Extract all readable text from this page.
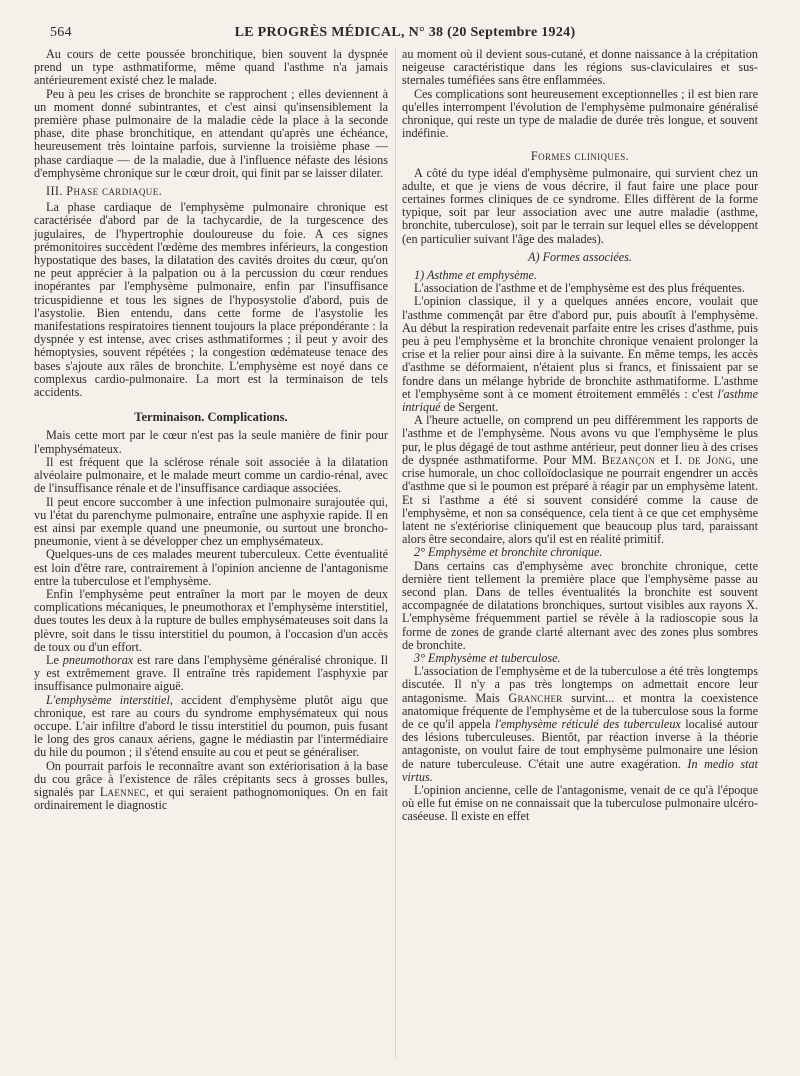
564	LE PROGRÈS MÉDICAL, N° 38 (20 Septembre 1924)

Au cours de cette poussée bronchitique, bien souvent la dyspnée prend un type asthmatiforme, même quand l'asthme n'a jamais antérieurement existé chez le malade.

Peu à peu les crises de bronchite se rapprochent ; elles deviennent à un moment donné subintrantes, et c'est ainsi qu'insensiblement la première phase pulmonaire de la maladie cède la place à la seconde phase, dite phase bronchitique, en attendant qu'après une échéance, heureusement très lointaine parfois, survienne la troisième phase — phase cardiaque — de la maladie, due à l'influence néfaste des lésions d'emphysème chronique sur le cœur droit, qui finit par se laisser dilater.

III. Phase cardiaque.

La phase cardiaque de l'emphysème pulmonaire chronique est caractérisée d'abord par de la tachycardie, de la turgescence des jugulaires, de l'hypertrophie douloureuse du foie. A ces signes prémonitoires succèdent l'œdème des membres inférieurs, la congestion hypostatique des bases, la dilatation des cavités droites du cœur, qu'on ne peut apprécier à la palpation ou à la percussion du cœur rendues inopérantes par l'emphysème pulmonaire, enfin par l'insuffisance tricuspidienne et tous les signes de l'hyposystolie d'abord, puis de l'asystolie. Bien entendu, dans cette forme de l'asystolie les manifestations respiratoires tiennent toujours la place prépondérante : la dyspnée y est intense, avec crises asthmatiformes ; il peut y avoir des hémoptysies, souvent répétées ; la congestion œdémateuse tenace des bases s'ajoute aux râles de bronchite. L'emphysème est noyé dans ce complexus cardio-pulmonaire. La mort est la terminaison de tels accidents.

Terminaison. Complications.

Mais cette mort par le cœur n'est pas la seule manière de finir pour l'emphysémateux.

Il est fréquent que la sclérose rénale soit associée à la dilatation alvéolaire pulmonaire, et le malade meurt comme un cardio-rénal, avec de l'insuffisance rénale et de l'insuffisance cardiaque associées.

Il peut encore succomber à une infection pulmonaire surajoutée qui, vu l'état du parenchyme pulmonaire, entraîne une asphyxie rapide. Il en est ainsi par exemple quand une pneumonie, ou surtout une broncho-pneumonie, vient à se développer chez un emphysémateux.

Quelques-uns de ces malades meurent tuberculeux. Cette éventualité est loin d'être rare, contrairement à l'opinion ancienne de l'antagonisme entre la tuberculose et l'emphysème.

Enfin l'emphysème peut entraîner la mort par le moyen de deux complications mécaniques, le pneumothorax et l'emphysème interstitiel, dues toutes les deux à la rupture de bulles emphysémateuses soit dans la plèvre, soit dans le tissu interstitiel du poumon, à l'occasion d'un accès de toux ou d'un effort.

Le pneumothorax est rare dans l'emphysème généralisé chronique. Il y est extrêmement grave. Il entraîne très rapidement l'asphyxie par insuffisance pulmonaire aiguë.

L'emphysème interstitiel, accident d'emphysème plutôt aigu que chronique, est rare au cours du syndrome emphysémateux qui nous occupe. L'air infiltre d'abord le tissu interstitiel du poumon, puis fusant le long des gros canaux aériens, gagne le médiastin par l'intermédiaire du hile du poumon ; il s'étend ensuite au cou et peut se généraliser.

On pourrait parfois le reconnaître avant son extériorisation à la base du cou grâce à l'existence de râles crépitants secs à grosses bulles, signalés par Laennec, et qui seraient pathognomoniques. On en fait ordinairement le diagnostic

au moment où il devient sous-cutané, et donne naissance à la crépitation neigeuse caractéristique dans les régions sus-claviculaires et sus-sternales tuméfiées sans être enflammées.

Ces complications sont heureusement exceptionnelles ; il est bien rare qu'elles interrompent l'évolution de l'emphysème pulmonaire généralisé chronique, qui reste un type de maladie de durée très longue, et souvent indéfinie.

Formes cliniques.

A côté du type idéal d'emphysème pulmonaire, qui survient chez un adulte, et que je viens de vous décrire, il faut faire une place pour certaines formes cliniques de ce syndrome. Elles diffèrent de la forme typique, soit par leur association avec une autre maladie (asthme, bronchite, tuberculose), soit par le terrain sur lequel elles se développent (en particulier suivant l'âge des malades).

A) Formes associées.

1) Asthme et emphysème.

L'association de l'asthme et de l'emphysème est des plus fréquentes.

L'opinion classique, il y a quelques années encore, voulait que l'asthme commençât par être d'abord pur, puis aboutît à l'emphysème. Au début la respiration redevenait parfaite entre les crises d'asthme, puis peu à peu l'emphysème et la bronchite chronique venaient prolonger la crise et la relier pour ainsi dire à la suivante. En même temps, les accès d'asthme se déformaient, n'étaient plus si francs, et finissaient par se fondre dans un mélange hybride de bronchite asthmatiforme. L'asthme et l'emphysème sont à ce moment étroitement emmêlés : c'est l'asthme intriqué de Sergent.

A l'heure actuelle, on comprend un peu différemment les rapports de l'asthme et de l'emphysème. Nous avons vu que l'emphysème le plus pur, le plus dégagé de tout asthme antérieur, peut donner lieu à des crises de dyspnée asthmatiforme. Pour MM. Bezançon et I. de Jong, une crise humorale, un choc colloïdoclasique ne pourrait engendrer un accès d'asthme que si le poumon est préparé à réagir par un emphysème latent. Et si l'asthme a été si souvent considéré comme la cause de l'emphysème, et non sa conséquence, cela tient à ce que cet emphysème latent ne s'extériorise cliniquement que beaucoup plus tard, paraissant alors être secondaire, alors qu'il est en réalité primitif.

2° Emphysème et bronchite chronique.

Dans certains cas d'emphysème avec bronchite chronique, cette dernière tient tellement la première place que l'emphysème passe au second plan. Dans de telles éventualités la bronchite est souvent accompagnée de dilatations bronchiques, surtout visibles aux rayons X. L'emphysème fréquemment partiel se révèle à la radioscopie sous la forme de zones de grande clarté alternant avec des zones plus sombres de bronchite.

3° Emphysème et tuberculose.

L'association de l'emphysème et de la tuberculose a été très longtemps discutée. Il n'y a pas très longtemps on admettait encore leur antagonisme. Mais Grancher survint... et montra la coexistence anatomique fréquente de l'emphysème et de la tuberculose sous la forme de ce qu'il appela l'emphysème réticulé des tuberculeux localisé autour des lésions tuberculeuses. Bientôt, par réaction inverse à la théorie antagoniste, on voulut faire de tout emphysème pulmonaire une lésion de nature tuberculeuse. C'était une autre exagération. In medio stat virtus.

L'opinion ancienne, celle de l'antagonisme, venait de ce qu'à l'époque où elle fut émise on ne connaissait que la tuberculose pulmonaire ulcéro-caséeuse. Il existe en effet
